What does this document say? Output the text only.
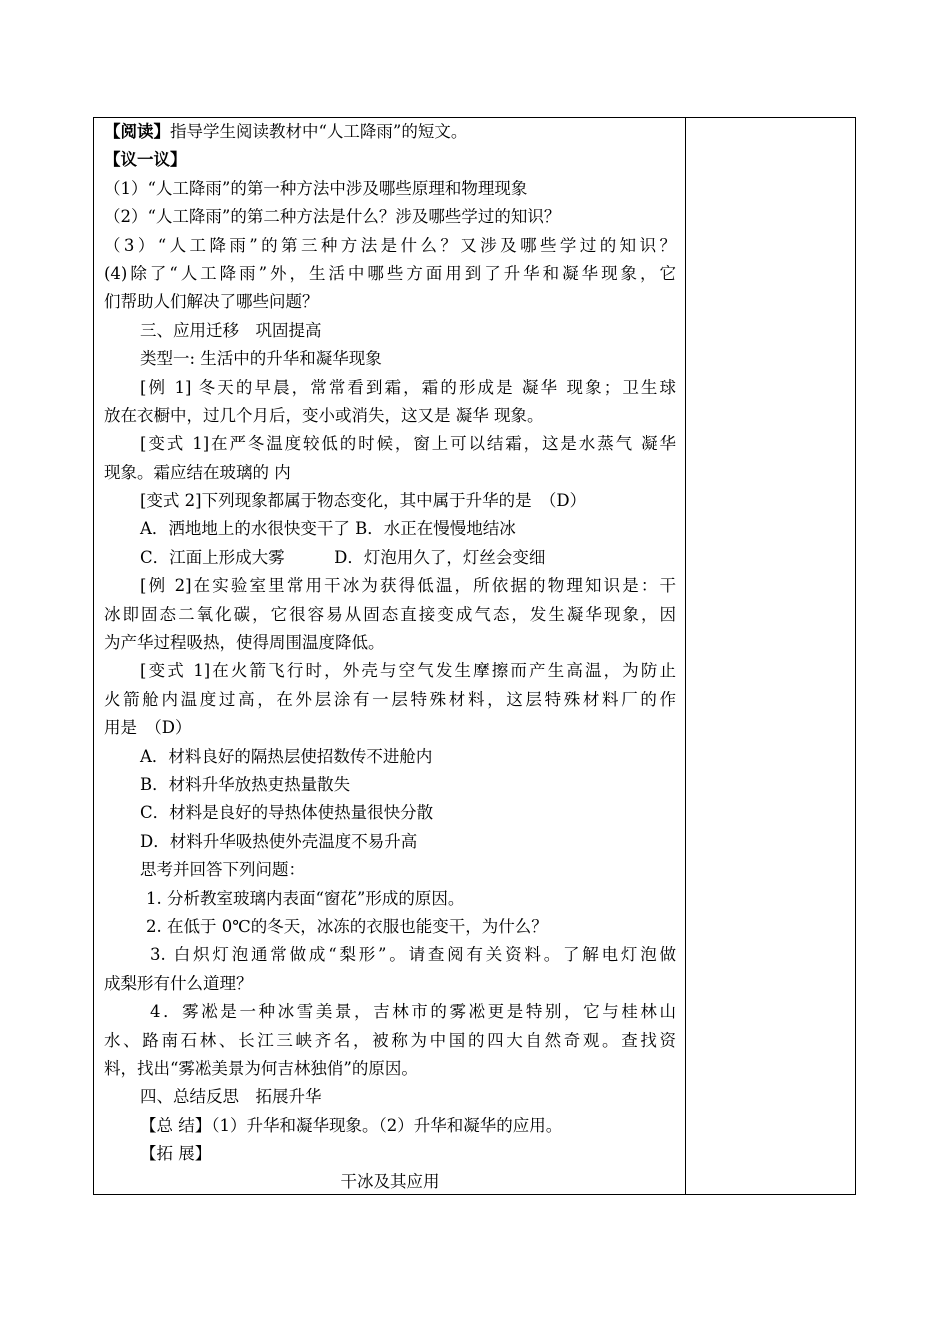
【阅读】指导学生阅读教材中“人工降雨”的短文。
【议一议】
（1）“人工降雨”的第一种方法中涉及哪些原理和物理现象
（2）“人工降雨”的第二种方法是什么？涉及哪些学过的知识？
（3）“人工降雨”的第三种方法是什么？又涉及哪些学过的知识？
(4)除了“人工降雨”外，生活中哪些方面用到了升华和凝华现象，它
们帮助人们解决了哪些问题？
三、应用迁移　巩固提高
类型一: 生活中的升华和凝华现象
[例 1] 冬天的早晨，常常看到霜，霜的形成是 凝华 现象；卫生球
放在衣橱中，过几个月后，变小或消失，这又是 凝华 现象。
[变式 1]在严冬温度较低的时候，窗上可以结霜，这是水蒸气 凝华
现象。霜应结在玻璃的 内
[变式 2]下列现象都属于物态变化，其中属于升华的是　（D）
A．洒地地上的水很快变干了 B．水正在慢慢地结冰
C．江面上形成大雾　　　D．灯泡用久了，灯丝会变细
[例 2]在实验室里常用干冰为获得低温，所依据的物理知识是：干
冰即固态二氧化碳，它很容易从固态直接变成气态，发生凝华现象，因
为产华过程吸热，使得周围温度降低。
[变式 1]在火箭飞行时，外壳与空气发生摩擦而产生高温，为防止
火箭舱内温度过高，在外层涂有一层特殊材料，这层特殊材料厂的作
用是　（D）
A．材料良好的隔热层使招数传不进舱内
B．材料升华放热吏热量散失
C．材料是良好的导热体使热量很快分散
D．材料升华吸热使外壳温度不易升高
思考并回答下列问题：
1. 分析教室玻璃内表面“窗花”形成的原因。
2. 在低于 0℃的冬天，冰冻的衣服也能变干，为什么？
3. 白炽灯泡通常做成“梨形”。请查阅有关资料。了解电灯泡做
成梨形有什么道理？
4．雾凇是一种冰雪美景，吉林市的雾凇更是特别，它与桂林山
水、路南石林、长江三峡齐名，被称为中国的四大自然奇观。查找资
料，找出“雾凇美景为何吉林独俏”的原因。
四、总结反思　拓展升华
【总 结】（1）升华和凝华现象。（2）升华和凝华的应用。
【拓 展】
干冰及其应用
